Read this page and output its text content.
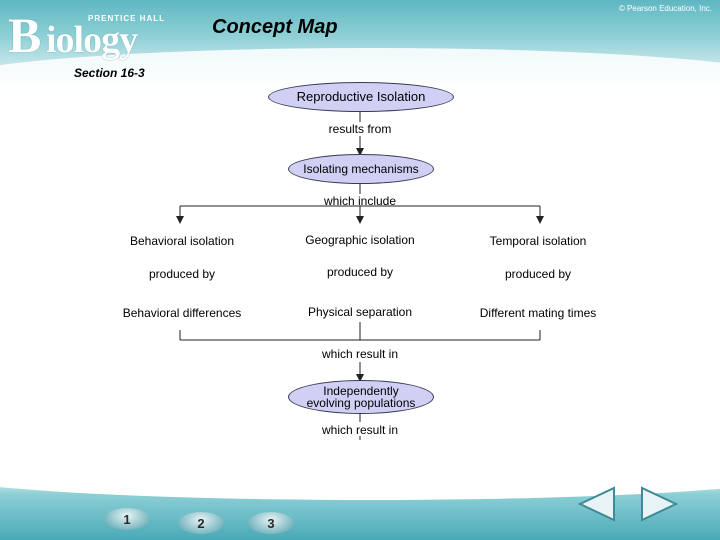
B iology
PRENTICE HALL
© Pearson Education, Inc.
Concept Map
Section 16-3
Reproductive Isolation
results from
Isolating mechanisms
which include
Behavioral isolation	Geographic isolation	Temporal isolation
produced by	produced by	produced by
Behavioral differences	Physical separation	Different mating times
which result in
Independently
evolving populations
which result in
1	2	3
